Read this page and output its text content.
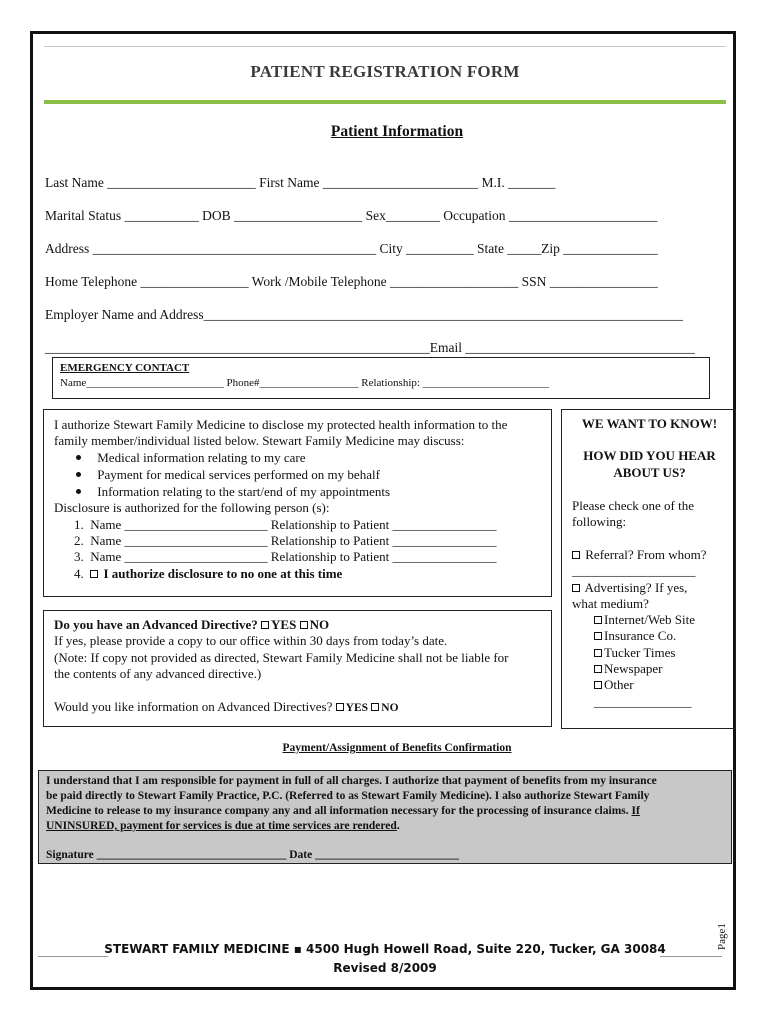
PATIENT REGISTRATION FORM
Patient Information
Last Name ______________________ First Name _______________________ M.I. _______
Marital Status ___________ DOB ___________________ Sex________ Occupation ______________________
Address __________________________________________ City __________ State _____Zip ______________
Home Telephone ________________ Work /Mobile Telephone ___________________ SSN ________________
Employer Name and Address_______________________________________________________________________
_________________________________________________________Email __________________________________
EMERGENCY CONTACT
Name_________________________ Phone#__________________ Relationship: _______________________
I authorize Stewart Family Medicine to disclose my protected health information to the
family member/individual listed below. Stewart Family Medicine may discuss:
Medical information relating to my care
Payment for medical services performed on my behalf
Information relating to the start/end of my appointments
Disclosure is authorized for the following person (s):
1. Name ______________________ Relationship to Patient ________________
2. Name ______________________ Relationship to Patient ________________
3. Name ______________________ Relationship to Patient ________________
4. I authorize disclosure to no one at this time
Do you have an Advanced Directive? YES NO
If yes, please provide a copy to our office within 30 days from today’s date.
(Note: If copy not provided as directed, Stewart Family Medicine shall not be liable for
the contents of any advanced directive.)
Would you like information on Advanced Directives? YES NO
WE WANT TO KNOW!
HOW DID YOU HEAR
ABOUT US?
Please check one of the
following:
Referral? From whom?
___________________
Advertising? If yes,
what medium?
Internet/Web Site
Insurance Co.
Tucker Times
Newspaper
Other
_______________
Payment/Assignment of Benefits Confirmation
I understand that I am responsible for payment in full of all charges. I authorize that payment of benefits from my insurance
be paid directly to Stewart Family Practice, P.C. (Referred to as Stewart Family Medicine). I also authorize Stewart Family
Medicine to release to my insurance company any and all information necessary for the processing of insurance claims. If
UNINSURED, payment for services is due at time services are rendered.
Signature _________________________________ Date _________________________
STEWART FAMILY MEDICINE ▪ 4500 Hugh Howell Road, Suite 220, Tucker, GA 30084
Revised 8/2009
Page1
